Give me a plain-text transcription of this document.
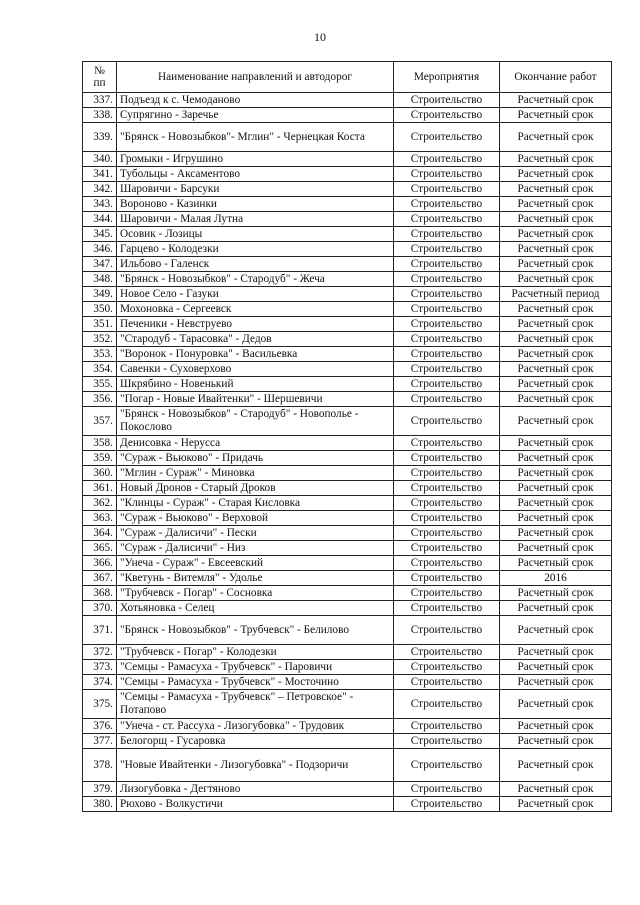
10
№
пп	Наименование направлений и автодорог	Мероприятия	Окончание работ
337.	Подъезд к с. Чемоданово	Строительство	Расчетный срок
338.	Супрягино - Заречье	Строительство	Расчетный срок
339.	"Брянск - Новозыбков"- Мглин" - Чернецкая Коста	Строительство	Расчетный срок
340.	Громыки - Игрушино	Строительство	Расчетный срок
341.	Тубольцы - Аксаментово	Строительство	Расчетный срок
342.	Шаровичи - Барсуки	Строительство	Расчетный срок
343.	Вороново - Казинки	Строительство	Расчетный срок
344.	Шаровичи - Малая Лутна	Строительство	Расчетный срок
345.	Осовик - Лозицы	Строительство	Расчетный срок
346.	Гарцево - Колодезки	Строительство	Расчетный срок
347.	Ильбово - Галенск	Строительство	Расчетный срок
348.	"Брянск - Новозыбков" - Стародуб" - Жеча	Строительство	Расчетный срок
349.	Новое Село - Газуки	Строительство	Расчетный период
350.	Мохоновка - Сергеевск	Строительство	Расчетный срок
351.	Печеники - Невструево	Строительство	Расчетный срок
352.	"Стародуб - Тарасовка" - Дедов	Строительство	Расчетный срок
353.	"Воронок - Понуровка" - Васильевка	Строительство	Расчетный срок
354.	Савенки - Суховерхово	Строительство	Расчетный срок
355.	Шкрябино - Новенький	Строительство	Расчетный срок
356.	"Погар - Новые Ивайтенки" - Шершевичи	Строительство	Расчетный срок
357.	"Брянск - Новозыбков" - Стародуб" - Новополье - Покослово	Строительство	Расчетный срок
358.	Денисовка - Нерусса	Строительство	Расчетный срок
359.	"Сураж - Вьюково" - Придачь	Строительство	Расчетный срок
360.	"Мглин - Сураж" - Миновка	Строительство	Расчетный срок
361.	Новый Дронов - Старый Дроков	Строительство	Расчетный срок
362.	"Клинцы - Сураж" - Старая Кисловка	Строительство	Расчетный срок
363.	"Сураж - Вьюково" - Верховой	Строительство	Расчетный срок
364.	"Сураж - Далисичи" - Пески	Строительство	Расчетный срок
365.	"Сураж - Далисичи" - Низ	Строительство	Расчетный срок
366.	"Унеча - Сураж" - Евсеевский	Строительство	Расчетный срок
367.	"Кветунь - Витемля" - Удолье	Строительство	2016
368.	"Трубчевск - Погар" - Сосновка	Строительство	Расчетный срок
370.	Хотьяновка - Селец	Строительство	Расчетный срок
371.	"Брянск - Новозыбков" - Трубчевск" - Белилово	Строительство	Расчетный срок
372.	"Трубчевск - Погар" - Колодезки	Строительство	Расчетный срок
373.	"Семцы - Рамасуха - Трубчевск" - Паровичи	Строительство	Расчетный срок
374.	"Семцы - Рамасуха - Трубчевск" - Мосточино	Строительство	Расчетный срок
375.	"Семцы - Рамасуха - Трубчевск" – Петровское" - Потапово	Строительство	Расчетный срок
376.	"Унеча - ст. Рассуха - Лизогубовка" - Трудовик	Строительство	Расчетный срок
377.	Белогорщ - Гусаровка	Строительство	Расчетный срок
378.	"Новые Ивайтенки - Лизогубовка" - Подзоричи	Строительство	Расчетный срок
379.	Лизогубовка - Дегтяново	Строительство	Расчетный срок
380.	Рюхово - Волкустичи	Строительство	Расчетный срок
